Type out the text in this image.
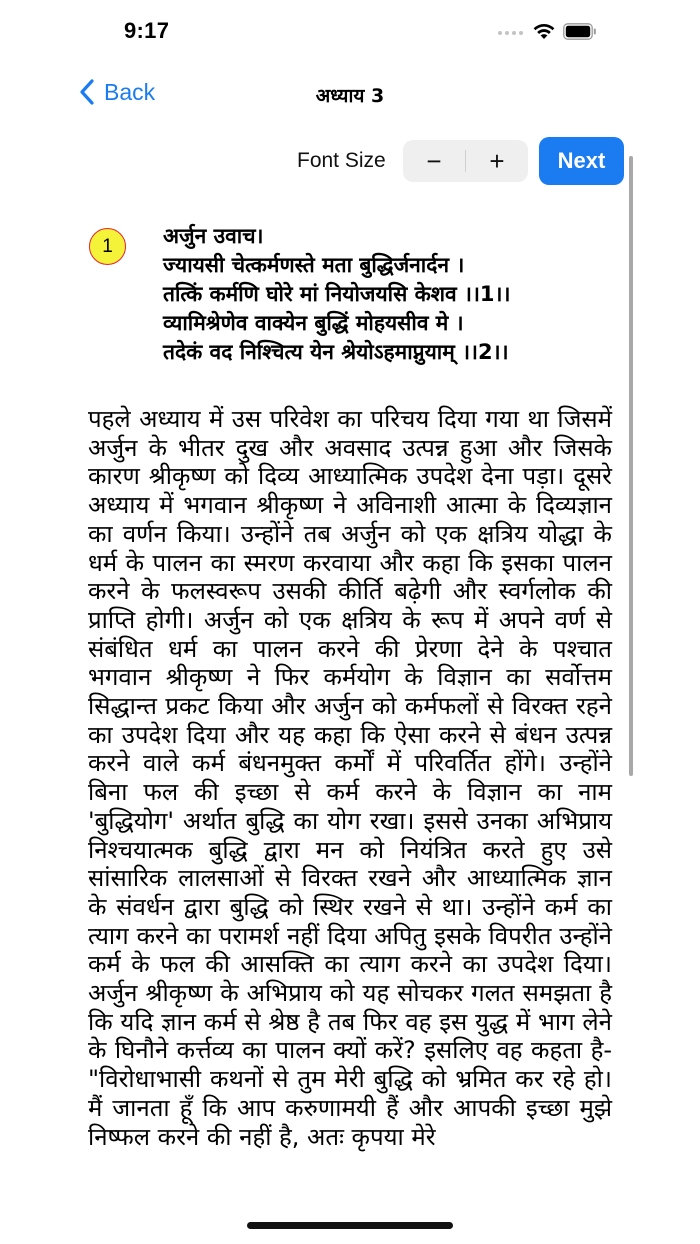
9:17
Back	अध्याय 3
Font Size	−	+	Next
1	अर्जुन उवाच।
ज्यायसी चेत्कर्मणस्ते मता बुद्धिर्जनार्दन ।
तत्किं कर्मणि घोरे मां नियोजयसि केशव ।।1।।
व्यामिश्रेणेव वाक्येन बुद्धिं मोहयसीव मे ।
तदेकं वद निश्चित्य येन श्रेयोऽहमाप्नुयाम् ।।2।।
पहले अध्याय में उस परिवेश का परिचय दिया गया था जिसमें अर्जुन के भीतर दुख और अवसाद उत्पन्न हुआ और जिसके कारण श्रीकृष्ण को दिव्य आध्यात्मिक उपदेश देना पड़ा। दूसरे अध्याय में भगवान श्रीकृष्ण ने अविनाशी आत्मा के दिव्यज्ञान का वर्णन किया। उन्होंने तब अर्जुन को एक क्षत्रिय योद्धा के धर्म के पालन का स्मरण करवाया और कहा कि इसका पालन करने के फलस्वरूप उसकी कीर्ति बढ़ेगी और स्वर्गलोक की प्राप्ति होगी। अर्जुन को एक क्षत्रिय के रूप में अपने वर्ण से संबंधित धर्म का पालन करने की प्रेरणा देने के पश्चात भगवान श्रीकृष्ण ने फिर कर्मयोग के विज्ञान का सर्वोत्तम सिद्धान्त प्रकट किया और अर्जुन को कर्मफलों से विरक्त रहने का उपदेश दिया और यह कहा कि ऐसा करने से बंधन उत्पन्न करने वाले कर्म बंधनमुक्त कर्मों में परिवर्तित होंगे। उन्होंने बिना फल की इच्छा से कर्म करने के विज्ञान का नाम 'बुद्धियोग' अर्थात बुद्धि का योग रखा। इससे उनका अभिप्राय निश्चयात्मक बुद्धि द्वारा मन को नियंत्रित करते हुए उसे सांसारिक लालसाओं से विरक्त रखने और आध्यात्मिक ज्ञान के संवर्धन द्वारा बुद्धि को स्थिर रखने से था। उन्होंने कर्म का त्याग करने का परामर्श नहीं दिया अपितु इसके विपरीत उन्होंने कर्म के फल की आसक्ति का त्याग करने का उपदेश दिया। अर्जुन श्रीकृष्ण के अभिप्राय को यह सोचकर गलत समझता है कि यदि ज्ञान कर्म से श्रेष्ठ है तब फिर वह इस युद्ध में भाग लेने के घिनौने कर्त्तव्य का पालन क्यों करें? इसलिए वह कहता है-"विरोधाभासी कथनों से तुम मेरी बुद्धि को भ्रमित कर रहे हो। मैं जानता हूँ कि आप करुणामयी हैं और आपकी इच्छा मुझे निष्फल करने की नहीं है, अतः कृपया मेरे
